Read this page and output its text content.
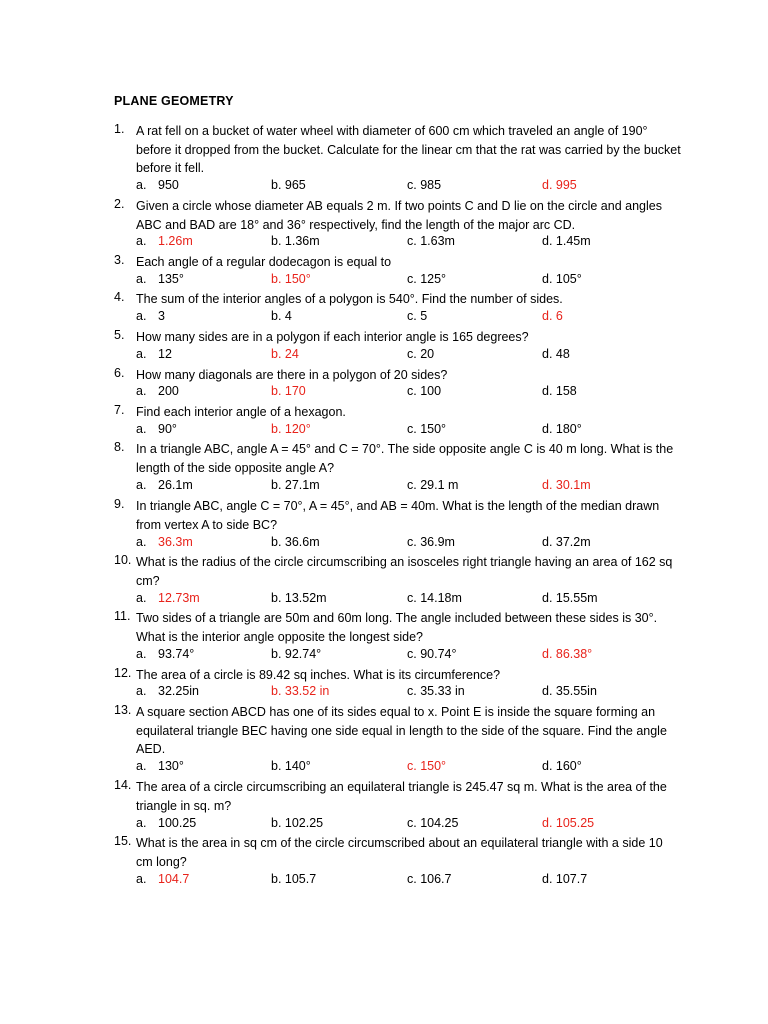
PLANE GEOMETRY
1. A rat fell on a bucket of water wheel with diameter of 600 cm which traveled an angle of 190° before it dropped from the bucket. Calculate for the linear cm that the rat was carried by the bucket before it fell.
a. 950	b. 965	c. 985	d. 995
2. Given a circle whose diameter AB equals 2 m. If two points C and D lie on the circle and angles ABC and BAD are 18° and 36° respectively, find the length of the major arc CD.
a. 1.26m	b. 1.36m	c. 1.63m	d. 1.45m
3. Each angle of a regular dodecagon is equal to
a. 135°	b. 150°	c. 125°	d. 105°
4. The sum of the interior angles of a polygon is 540°. Find the number of sides.
a. 3	b. 4	c. 5	d. 6
5. How many sides are in a polygon if each interior angle is 165 degrees?
a. 12	b. 24	c. 20	d. 48
6. How many diagonals are there in a polygon of 20 sides?
a. 200	b. 170	c. 100	d. 158
7. Find each interior angle of a hexagon.
a. 90°	b. 120°	c. 150°	d. 180°
8. In a triangle ABC, angle A = 45° and C = 70°. The side opposite angle C is 40 m long. What is the length of the side opposite angle A?
a. 26.1m	b. 27.1m	c. 29.1 m	d. 30.1m
9. In triangle ABC, angle C = 70°, A = 45°, and AB = 40m. What is the length of the median drawn from vertex A to side BC?
a. 36.3m	b. 36.6m	c. 36.9m	d. 37.2m
10. What is the radius of the circle circumscribing an isosceles right triangle having an area of 162 sq cm?
a. 12.73m	b. 13.52m	c. 14.18m	d. 15.55m
11. Two sides of a triangle are 50m and 60m long. The angle included between these sides is 30°. What is the interior angle opposite the longest side?
a. 93.74°	b. 92.74°	c. 90.74°	d. 86.38°
12. The area of a circle is 89.42 sq inches. What is its circumference?
a. 32.25in	b. 33.52 in	c. 35.33 in	d. 35.55in
13. A square section ABCD has one of its sides equal to x. Point E is inside the square forming an equilateral triangle BEC having one side equal in length to the side of the square. Find the angle AED.
a. 130°	b. 140°	c. 150°	d. 160°
14. The area of a circle circumscribing an equilateral triangle is 245.47 sq m. What is the area of the triangle in sq. m?
a. 100.25	b. 102.25	c. 104.25	d. 105.25
15. What is the area in sq cm of the circle circumscribed about an equilateral triangle with a side 10 cm long?
a. 104.7	b. 105.7	c. 106.7	d. 107.7
